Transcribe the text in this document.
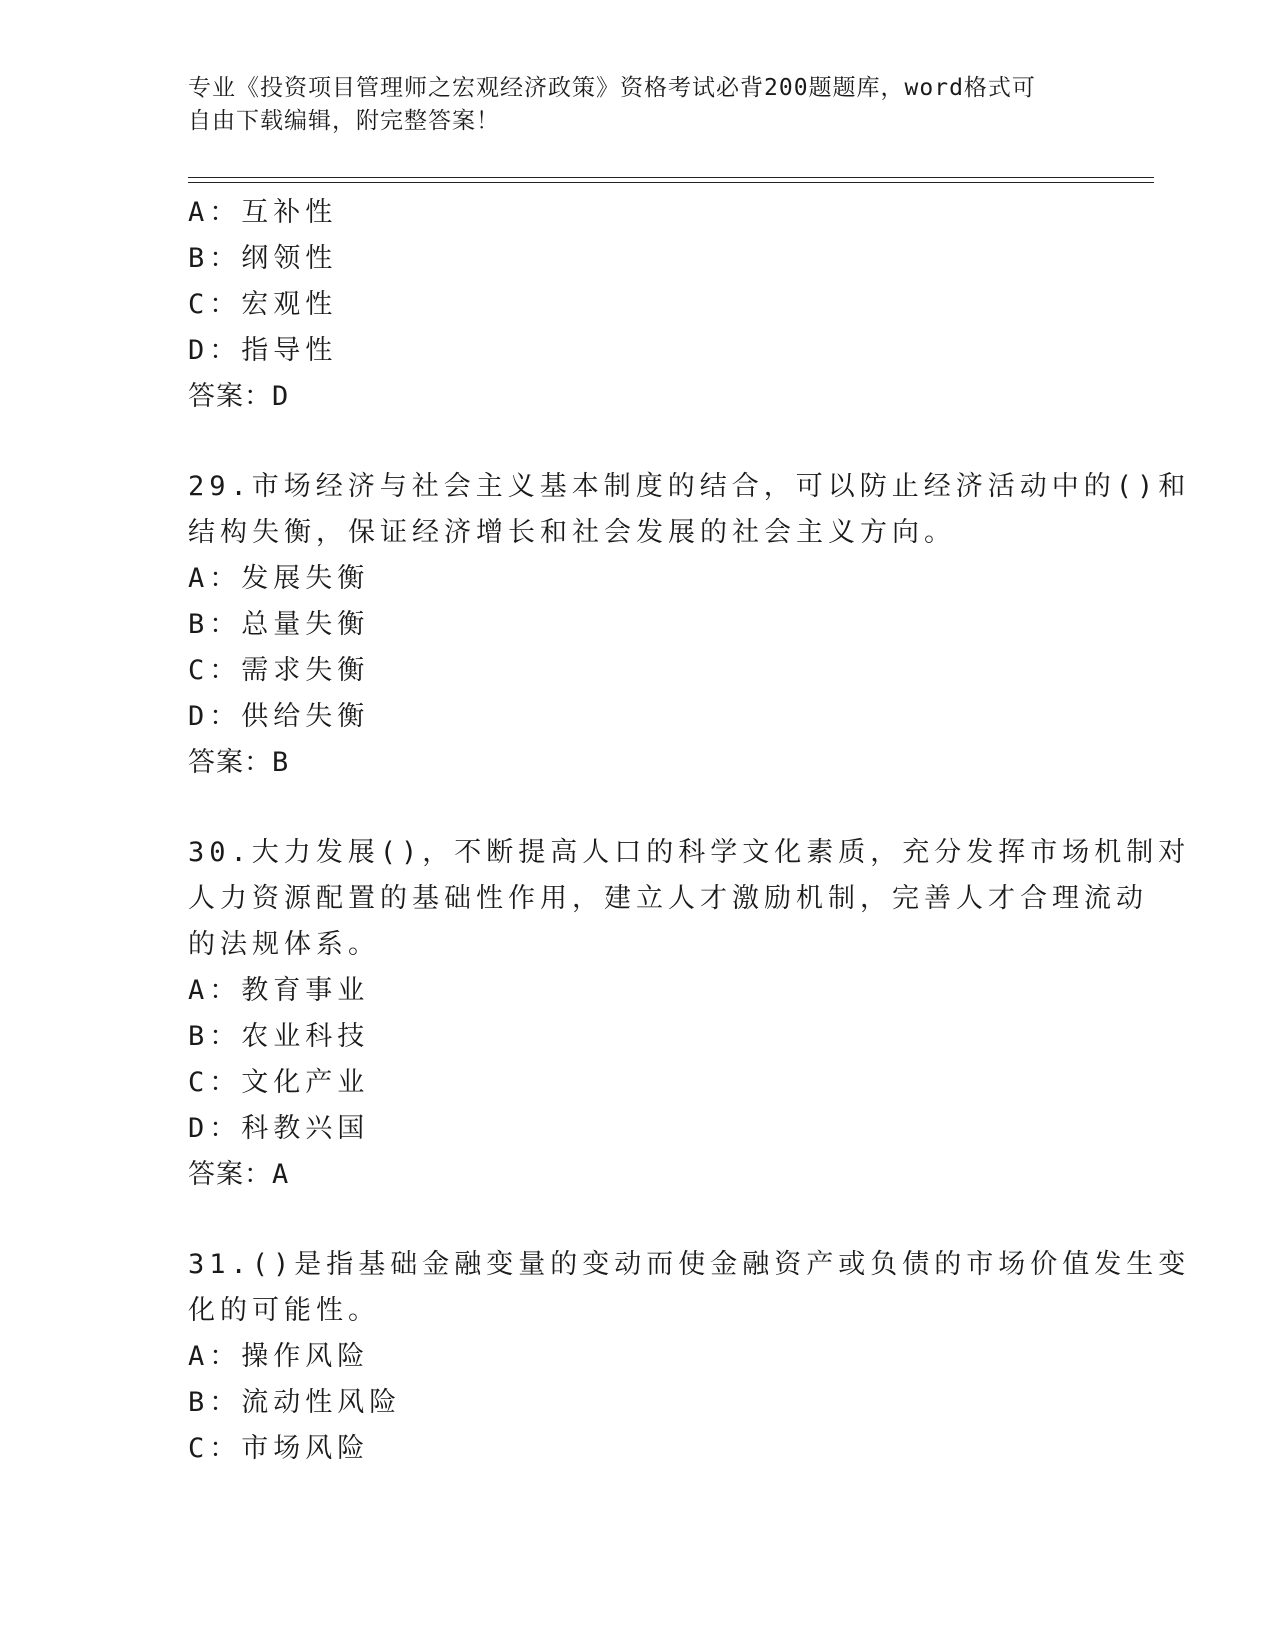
专业《投资项目管理师之宏观经济政策》资格考试必背200题题库，word格式可
自由下载编辑，附完整答案！
A：互补性
B：纲领性
C：宏观性
D：指导性
答案：D
29.市场经济与社会主义基本制度的结合，可以防止经济活动中的()和
结构失衡，保证经济增长和社会发展的社会主义方向。
A：发展失衡
B：总量失衡
C：需求失衡
D：供给失衡
答案：B
30.大力发展()，不断提高人口的科学文化素质，充分发挥市场机制对
人力资源配置的基础性作用，建立人才激励机制，完善人才合理流动
的法规体系。
A：教育事业
B：农业科技
C：文化产业
D：科教兴国
答案：A
31.()是指基础金融变量的变动而使金融资产或负债的市场价值发生变
化的可能性。
A：操作风险
B：流动性风险
C：市场风险
